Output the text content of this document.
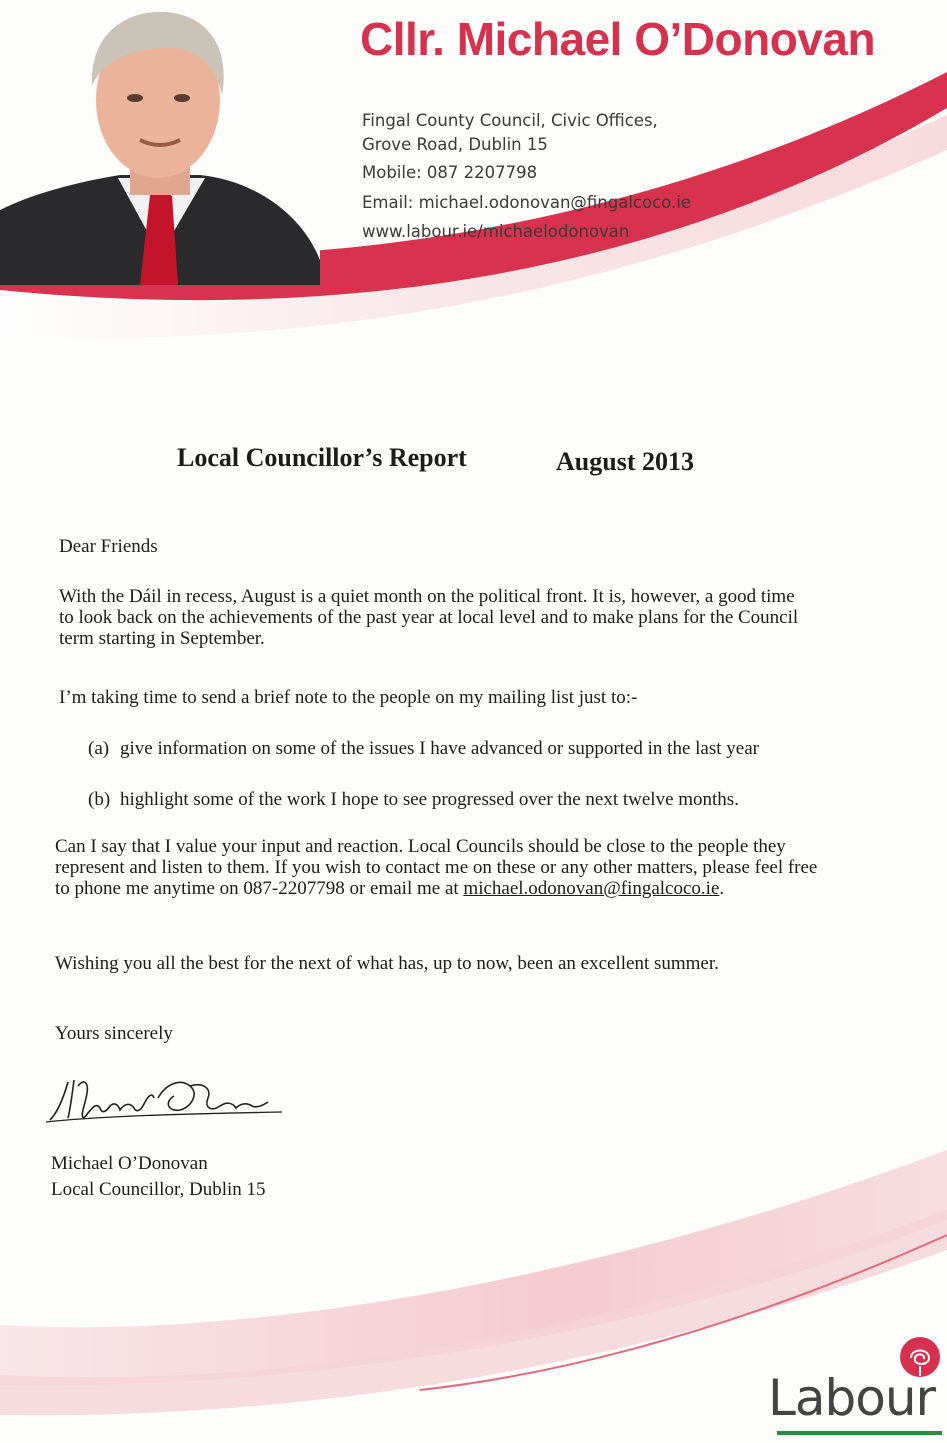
Cllr. Michael O’Donovan
Fingal County Council, Civic Offices,
Grove Road, Dublin 15
Mobile: 087 2207798
Email: michael.odonovan@fingalcoco.ie
www.labour.ie/michaelodonovan
Local Councillor’s Report	August 2013
Dear Friends
With the Dáil in recess, August is a quiet month on the political front. It is, however, a good time to look back on the achievements of the past year at local level and to make plans for the Council term starting in September.
I’m taking time to send a brief note to the people on my mailing list just to:-
(a) give information on some of the issues I have advanced or supported in the last year
(b) highlight some of the work I hope to see progressed over the next twelve months.
Can I say that I value your input and reaction. Local Councils should be close to the people they represent and listen to them. If you wish to contact me on these or any other matters, please feel free to phone me anytime on 087-2207798 or email me at michael.odonovan@fingalcoco.ie.
Wishing you all the best for the next of what has, up to now, been an excellent summer.
Yours sincerely
Michael O’Donovan
Local Councillor, Dublin 15
Labour
